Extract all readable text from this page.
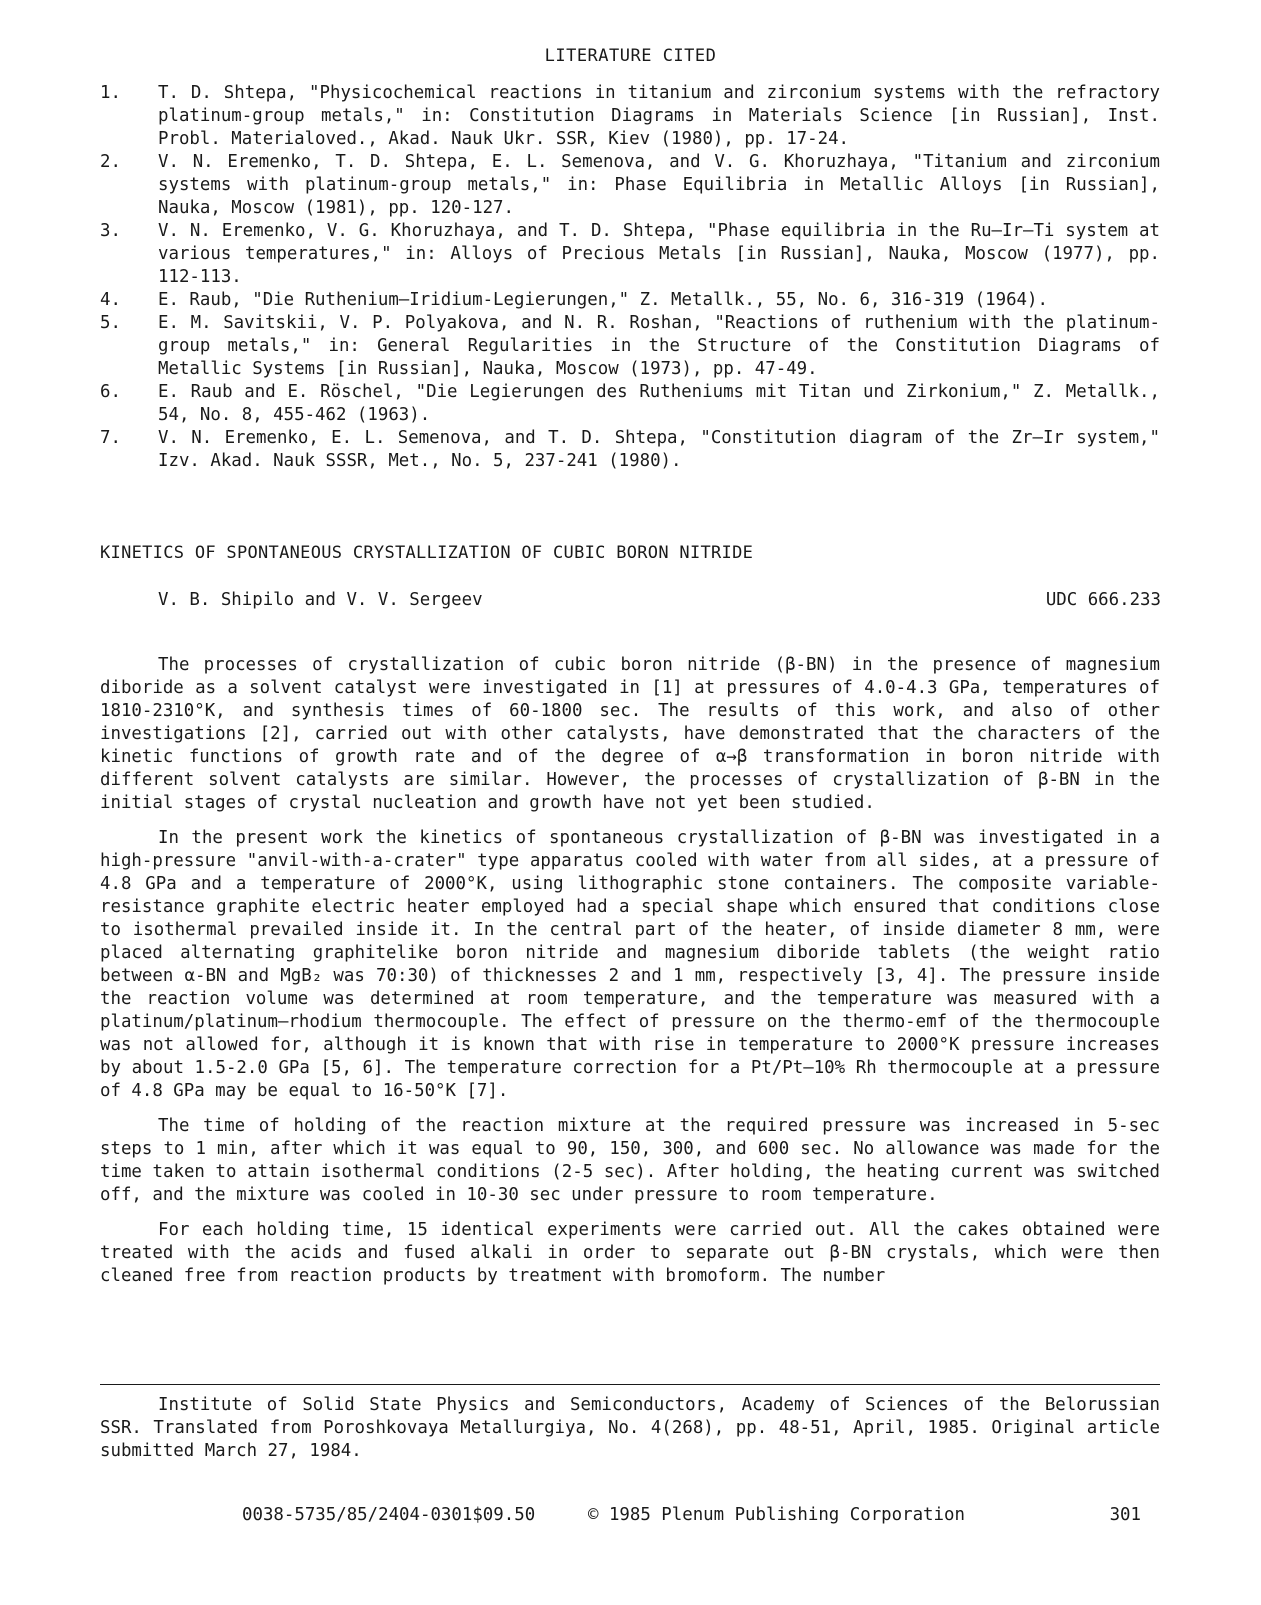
LITERATURE CITED
1.	T. D. Shtepa, "Physicochemical reactions in titanium and zirconium systems with the refractory platinum-group metals," in: Constitution Diagrams in Materials Science [in Russian], Inst. Probl. Materialoved., Akad. Nauk Ukr. SSR, Kiev (1980), pp. 17-24.
2.	V. N. Eremenko, T. D. Shtepa, E. L. Semenova, and V. G. Khoruzhaya, "Titanium and zirconium systems with platinum-group metals," in: Phase Equilibria in Metallic Alloys [in Russian], Nauka, Moscow (1981), pp. 120-127.
3.	V. N. Eremenko, V. G. Khoruzhaya, and T. D. Shtepa, "Phase equilibria in the Ru—Ir—Ti system at various temperatures," in: Alloys of Precious Metals [in Russian], Nauka, Moscow (1977), pp. 112-113.
4.	E. Raub, "Die Ruthenium—Iridium-Legierungen," Z. Metallk., 55, No. 6, 316-319 (1964).
5.	E. M. Savitskii, V. P. Polyakova, and N. R. Roshan, "Reactions of ruthenium with the platinum-group metals," in: General Regularities in the Structure of the Constitution Diagrams of Metallic Systems [in Russian], Nauka, Moscow (1973), pp. 47-49.
6.	E. Raub and E. Röschel, "Die Legierungen des Rutheniums mit Titan und Zirkonium," Z. Metallk., 54, No. 8, 455-462 (1963).
7.	V. N. Eremenko, E. L. Semenova, and T. D. Shtepa, "Constitution diagram of the Zr—Ir system," Izv. Akad. Nauk SSSR, Met., No. 5, 237-241 (1980).
KINETICS OF SPONTANEOUS CRYSTALLIZATION OF CUBIC BORON NITRIDE
V. B. Shipilo and V. V. Sergeev	UDC 666.233

The processes of crystallization of cubic boron nitride (β-BN) in the presence of magnesium diboride as a solvent catalyst were investigated in [1] at pressures of 4.0-4.3 GPa, temperatures of 1810-2310°K, and synthesis times of 60-1800 sec. The results of this work, and also of other investigations [2], carried out with other catalysts, have demonstrated that the characters of the kinetic functions of growth rate and of the degree of α→β transformation in boron nitride with different solvent catalysts are similar. However, the processes of crystallization of β-BN in the initial stages of crystal nucleation and growth have not yet been studied.

In the present work the kinetics of spontaneous crystallization of β-BN was investigated in a high-pressure "anvil-with-a-crater" type apparatus cooled with water from all sides, at a pressure of 4.8 GPa and a temperature of 2000°K, using lithographic stone containers. The composite variable-resistance graphite electric heater employed had a special shape which ensured that conditions close to isothermal prevailed inside it. In the central part of the heater, of inside diameter 8 mm, were placed alternating graphitelike boron nitride and magnesium diboride tablets (the weight ratio between α-BN and MgB₂ was 70:30) of thicknesses 2 and 1 mm, respectively [3, 4]. The pressure inside the reaction volume was determined at room temperature, and the temperature was measured with a platinum/platinum—rhodium thermocouple. The effect of pressure on the thermo-emf of the thermocouple was not allowed for, although it is known that with rise in temperature to 2000°K pressure increases by about 1.5-2.0 GPa [5, 6]. The temperature correction for a Pt/Pt—10% Rh thermocouple at a pressure of 4.8 GPa may be equal to 16-50°K [7].

The time of holding of the reaction mixture at the required pressure was increased in 5-sec steps to 1 min, after which it was equal to 90, 150, 300, and 600 sec. No allowance was made for the time taken to attain isothermal conditions (2-5 sec). After holding, the heating current was switched off, and the mixture was cooled in 10-30 sec under pressure to room temperature.

For each holding time, 15 identical experiments were carried out. All the cakes obtained were treated with the acids and fused alkali in order to separate out β-BN crystals, which were then cleaned free from reaction products by treatment with bromoform. The number

Institute of Solid State Physics and Semiconductors, Academy of Sciences of the Belorussian SSR. Translated from Poroshkovaya Metallurgiya, No. 4(268), pp. 48-51, April, 1985. Original article submitted March 27, 1984.
0038-5735/85/2404-0301$09.50	© 1985 Plenum Publishing Corporation	301
